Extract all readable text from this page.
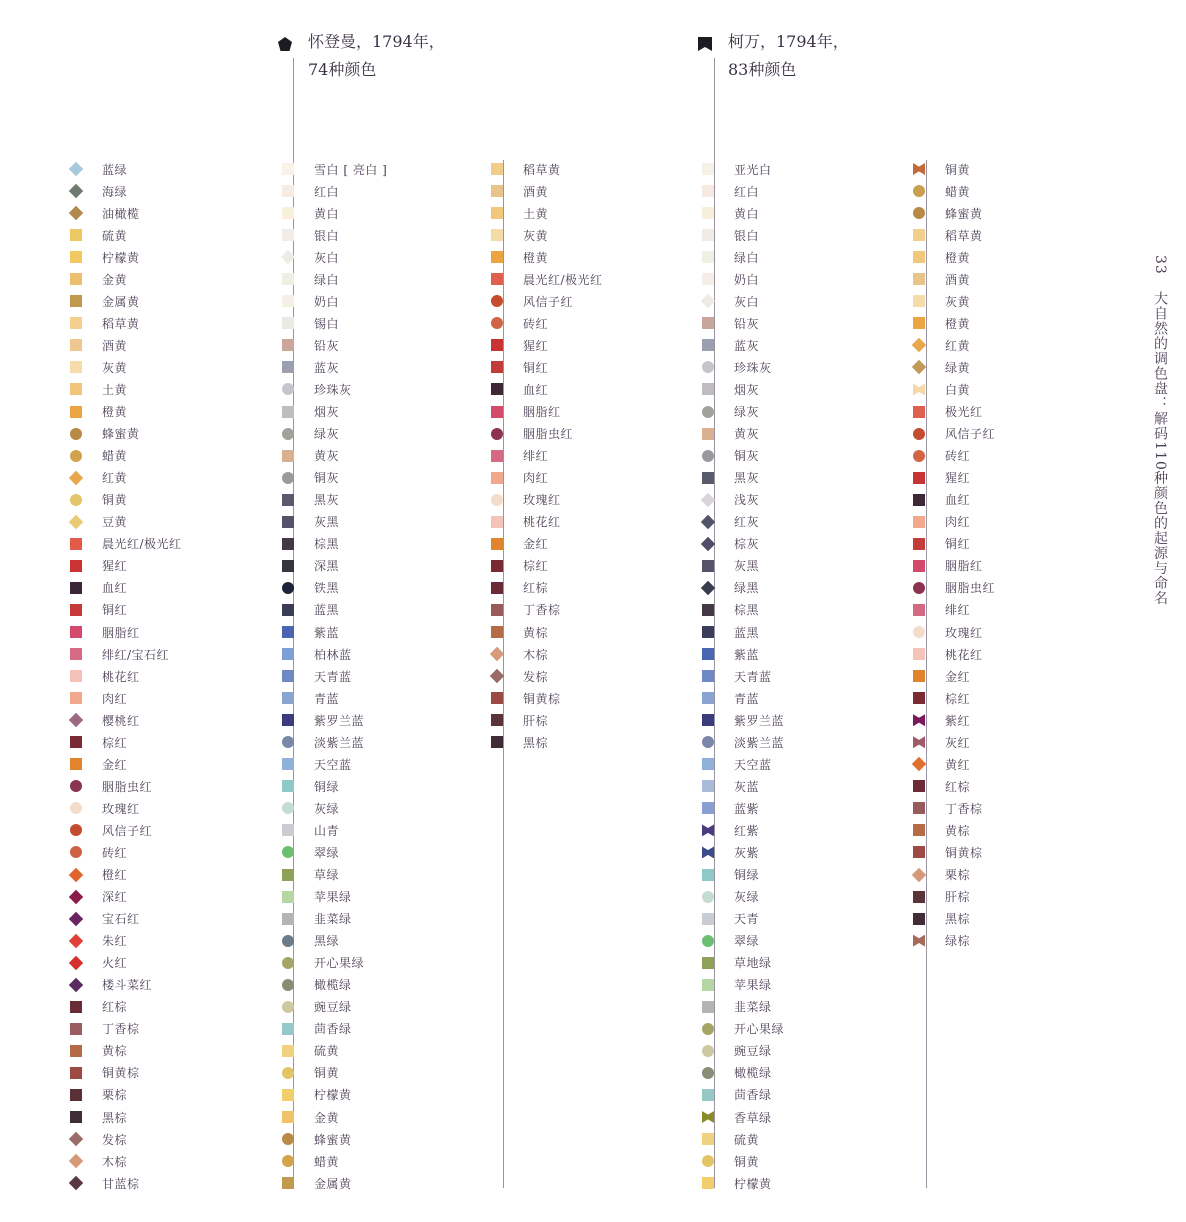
怀登曼，1794年，
74种颜色
柯万，1794年，
83种颜色
蓝绿
海绿
油橄榄
硫黄
柠檬黄
金黄
金属黄
稻草黄
酒黄
灰黄
土黄
橙黄
蜂蜜黄
蜡黄
红黄
铜黄
豆黄
晨光红/极光红
猩红
血红
铜红
胭脂红
绯红/宝石红
桃花红
肉红
樱桃红
棕红
金红
胭脂虫红
玫瑰红
风信子红
砖红
橙红
深红
宝石红
朱红
火红
楼斗菜红
红棕
丁香棕
黄棕
铜黄棕
栗棕
黑棕
发棕
木棕
甘蓝棕
雪白 [ 亮白 ]
红白
黄白
银白
灰白
绿白
奶白
锡白
铅灰
蓝灰
珍珠灰
烟灰
绿灰
黄灰
铜灰
黑灰
灰黑
棕黑
深黑
铁黑
蓝黑
紫蓝
柏林蓝
天青蓝
青蓝
紫罗兰蓝
淡紫兰蓝
天空蓝
铜绿
灰绿
山青
翠绿
草绿
苹果绿
韭菜绿
黑绿
开心果绿
橄榄绿
豌豆绿
茴香绿
硫黄
铜黄
柠檬黄
金黄
蜂蜜黄
蜡黄
金属黄
稻草黄
酒黄
土黄
灰黄
橙黄
晨光红/极光红
风信子红
砖红
猩红
铜红
血红
胭脂红
胭脂虫红
绯红
肉红
玫瑰红
桃花红
金红
棕红
红棕
丁香棕
黄棕
木棕
发棕
铜黄棕
肝棕
黑棕
亚光白
红白
黄白
银白
绿白
奶白
灰白
铅灰
蓝灰
珍珠灰
烟灰
绿灰
黄灰
铜灰
黑灰
浅灰
红灰
棕灰
灰黑
绿黑
棕黑
蓝黑
紫蓝
天青蓝
青蓝
紫罗兰蓝
淡紫兰蓝
天空蓝
灰蓝
蓝紫
红紫
灰紫
铜绿
灰绿
天青
翠绿
草地绿
苹果绿
韭菜绿
开心果绿
豌豆绿
橄榄绿
茴香绿
香草绿
硫黄
铜黄
柠檬黄
铜黄
蜡黄
蜂蜜黄
稻草黄
橙黄
酒黄
灰黄
橙黄
红黄
绿黄
白黄
极光红
风信子红
砖红
猩红
血红
肉红
铜红
胭脂红
胭脂虫红
绯红
玫瑰红
桃花红
金红
棕红
紫红
灰红
黄红
红棕
丁香棕
黄棕
铜黄棕
栗棕
肝棕
黑棕
绿棕
33   大自然的调色盘：解码110种颜色的起源与命名
